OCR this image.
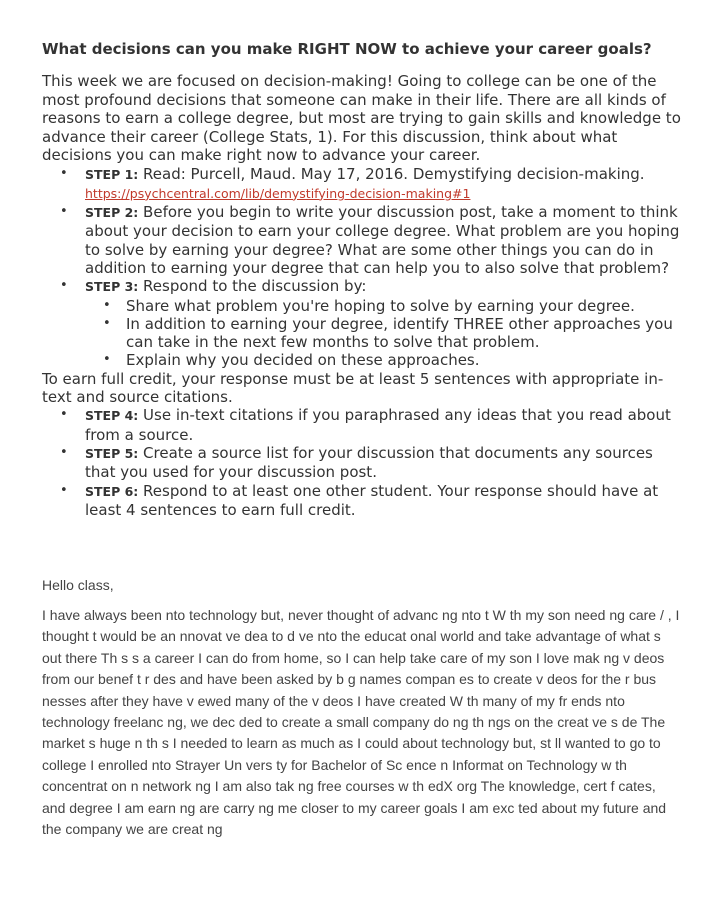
What decisions can you make RIGHT NOW to achieve your career goals?

This week we are focused on decision-making! Going to college can be one of the most profound decisions that someone can make in their life. There are all kinds of reasons to earn a college degree, but most are trying to gain skills and knowledge to advance their career (College Stats, 1). For this discussion, think about what decisions you can make right now to advance your career.

• STEP 1: Read: Purcell, Maud. May 17, 2016. Demystifying decision-making. https://psychcentral.com/lib/demystifying-decision-making#1
• STEP 2: Before you begin to write your discussion post, take a moment to think about your decision to earn your college degree. What problem are you hoping to solve by earning your degree? What are some other things you can do in addition to earning your degree that can help you to also solve that problem?
• STEP 3: Respond to the discussion by:
• Share what problem you're hoping to solve by earning your degree.
• In addition to earning your degree, identify THREE other approaches you can take in the next few months to solve that problem.
• Explain why you decided on these approaches.

To earn full credit, your response must be at least 5 sentences with appropriate in-text and source citations.

• STEP 4: Use in-text citations if you paraphrased any ideas that you read about from a source.
• STEP 5: Create a source list for your discussion that documents any sources that you used for your discussion post.
• STEP 6: Respond to at least one other student. Your response should have at least 4 sentences to earn full credit.

Hello class,

I have always been nto technology but, never thought of advanc ng nto t W th my son need ng care / , I thought t would be an nnovat ve dea to d ve nto the educat onal world and take advantage of what s out there Th s s a career I can do from home, so I can help take care of my son I love mak ng v deos from our benef t r des and have been asked by b g names compan es to create v deos for the r bus nesses after they have v ewed many of the v deos I have created W th many of my fr ends nto technology freelanc ng, we dec ded to create a small company do ng th ngs on the creat ve s de The market s huge n th s I needed to learn as much as I could about technology but, st ll wanted to go to college I enrolled nto Strayer Un vers ty for Bachelor of Sc ence n Informat on Technology w th concentrat on n network ng I am also tak ng free courses w th edX org The knowledge, cert f cates, and degree I am earn ng are carry ng me closer to my career goals I am exc ted about my future and the company we are creat ng
